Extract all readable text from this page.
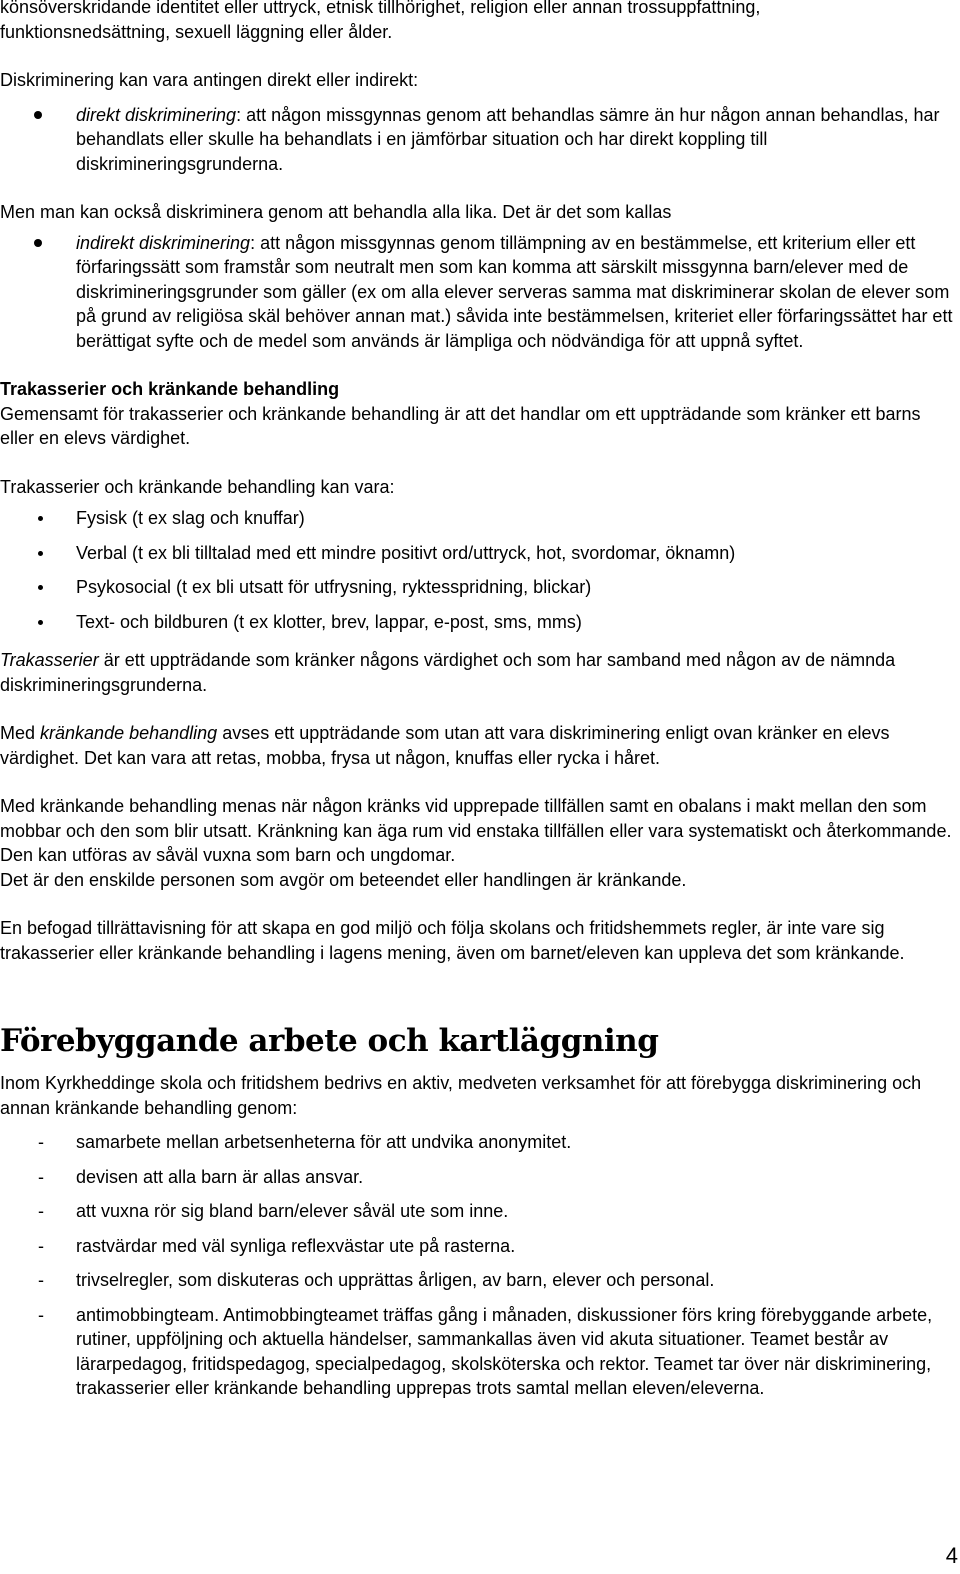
könsöverskridande identitet eller uttryck, etnisk tillhörighet, religion eller annan trossuppfattning,
funktionsnedsättning, sexuell läggning eller ålder.

Diskriminering kan vara antingen direkt eller indirekt:

direkt diskriminering: att någon missgynnas genom att behandlas sämre än hur någon annan behandlas, har behandlats eller skulle ha behandlats i en jämförbar situation och har direkt koppling till diskrimineringsgrunderna.

Men man kan också diskriminera genom att behandla alla lika. Det är det som kallas

indirekt diskriminering: att någon missgynnas genom tillämpning av en bestämmelse, ett kriterium eller ett förfaringssätt som framstår som neutralt men som kan komma att särskilt missgynna barn/elever med de diskrimineringsgrunder som gäller (ex om alla elever serveras samma mat diskriminerar skolan de elever som på grund av religiösa skäl behöver annan mat.) såvida inte bestämmelsen, kriteriet eller förfaringssättet har ett berättigat syfte och de medel som används är lämpliga och nödvändiga för att uppnå syftet.

Trakasserier och kränkande behandling

Gemensamt för trakasserier och kränkande behandling är att det handlar om ett uppträdande som kränker ett barns eller en elevs värdighet.

Trakasserier och kränkande behandling kan vara:

Fysisk (t ex slag och knuffar)
Verbal (t ex bli tilltalad med ett mindre positivt ord/uttryck, hot, svordomar, öknamn)
Psykosocial (t ex bli utsatt för utfrysning, ryktesspridning, blickar)
Text- och bildburen (t ex klotter, brev, lappar, e-post, sms, mms)

Trakasserier är ett uppträdande som kränker någons värdighet och som har samband med någon av de nämnda diskrimineringsgrunderna.

Med kränkande behandling avses ett uppträdande som utan att vara diskriminering enligt ovan kränker en elevs värdighet. Det kan vara att retas, mobba, frysa ut någon, knuffas eller rycka i håret.

Med kränkande behandling menas när någon kränks vid upprepade tillfällen samt en obalans i makt mellan den som mobbar och den som blir utsatt. Kränkning kan äga rum vid enstaka tillfällen eller vara systematiskt och återkommande. Den kan utföras av såväl vuxna som barn och ungdomar.

Det är den enskilde personen som avgör om beteendet eller handlingen är kränkande.

En befogad tillrättavisning för att skapa en god miljö och följa skolans och fritidshemmets regler, är inte vare sig trakasserier eller kränkande behandling i lagens mening, även om barnet/eleven kan uppleva det som kränkande.

Förebyggande arbete och kartläggning

Inom Kyrkheddinge skola och fritidshem bedrivs en aktiv, medveten verksamhet för att förebygga diskriminering och annan kränkande behandling genom:

- samarbete mellan arbetsenheterna för att undvika anonymitet.
- devisen att alla barn är allas ansvar.
- att vuxna rör sig bland barn/elever såväl ute som inne.
- rastvärdar med väl synliga reflexvästar ute på rasterna.
- trivselregler, som diskuteras och upprättas årligen, av barn, elever och personal.
- antimobbingteam. Antimobbingteamet träffas gång i månaden, diskussioner förs kring förebyggande arbete, rutiner, uppföljning och aktuella händelser, sammankallas även vid akuta situationer. Teamet består av lärarpedagog, fritidspedagog, specialpedagog, skolsköterska och rektor. Teamet tar över när diskriminering, trakasserier eller kränkande behandling upprepas trots samtal mellan eleven/eleverna.
4
